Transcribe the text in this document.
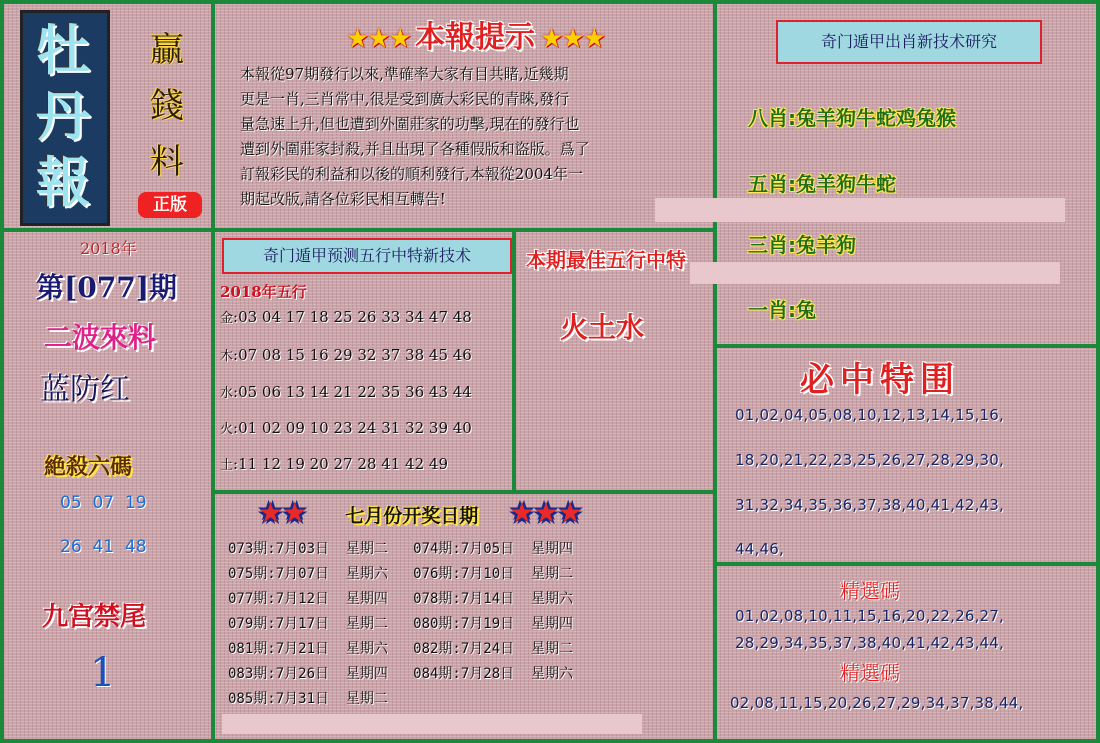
牡
丹
報
贏
錢
料
正版
★★★ 本報提示 ★★★
本報從97期發行以來,準確率大家有目共睹,近幾期
更是一肖,三肖常中,很是受到廣大彩民的青睞,發行
量急速上升,但也遭到外圍莊家的功擊,現在的發行也
遭到外圍莊家封殺,并且出現了各種假版和盜版。爲了
訂報彩民的利益和以後的順利發行,本報從2004年一
期起改版,請各位彩民相互轉告!
2018年
第[077]期
二波來料
蓝防红
絶殺六碼
05  07  19
26  41  48
九宫禁尾
1
奇门遁甲预测五行中特新技术
2018年五行
金:03 04 17 18 25 26 33 34 47 48
木:07 08 15 16 29 32 37 38 45 46
水:05 06 13 14 21 22 35 36 43 44
火:01 02 09 10 23 24 31 32 39 40
土:11 12 19 20 27 28 41 42 49
本期最佳五行中特
火土水
★★ 七月份开奖日期 ★★★
073期:7月03日  星期二   074期:7月05日  星期四
075期:7月07日  星期六   076期:7月10日  星期二
077期:7月12日  星期四   078期:7月14日  星期六
079期:7月17日  星期二   080期:7月19日  星期四
081期:7月21日  星期六   082期:7月24日  星期二
083期:7月26日  星期四   084期:7月28日  星期六
085期:7月31日  星期二
奇门遁甲出肖新技术研究
八肖:兔羊狗牛蛇鸡兔猴
五肖:兔羊狗牛蛇
三肖:兔羊狗
一肖:兔
必中特围
01,02,04,05,08,10,12,13,14,15,16,
18,20,21,22,23,25,26,27,28,29,30,
31,32,34,35,36,37,38,40,41,42,43,
44,46,
精選碼
01,02,08,10,11,15,16,20,22,26,27,
28,29,34,35,37,38,40,41,42,43,44,
精選碼
02,08,11,15,20,26,27,29,34,37,38,44,
